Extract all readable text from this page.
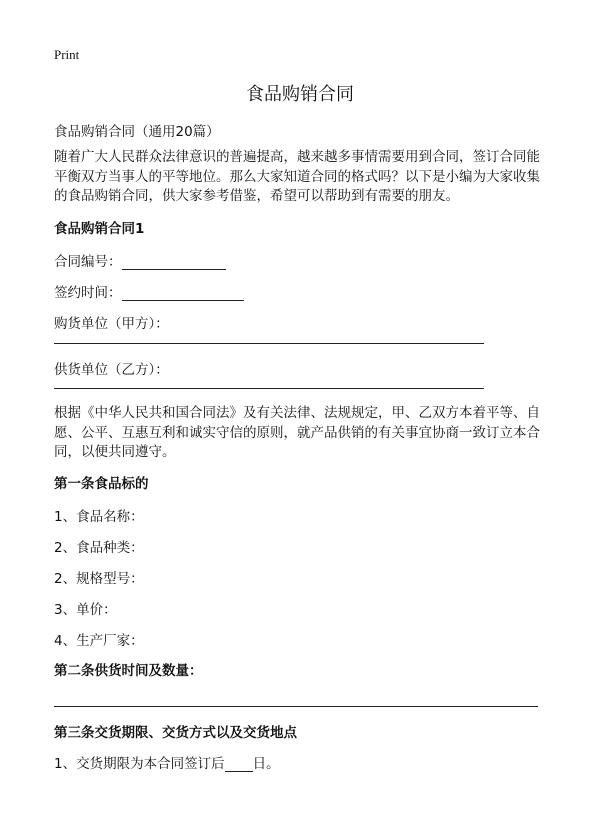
Print
食品购销合同
食品购销合同（通用20篇）
随着广大人民群众法律意识的普遍提高，越来越多事情需要用到合同，签订合同能平衡双方当事人的平等地位。那么大家知道合同的格式吗？以下是小编为大家收集的食品购销合同，供大家参考借鉴，希望可以帮助到有需要的朋友。
食品购销合同1
合同编号：
签约时间：
购货单位（甲方）：
供货单位（乙方）：
根据《中华人民共和国合同法》及有关法律、法规规定，甲、乙双方本着平等、自愿、公平、互惠互利和诚实守信的原则，就产品供销的有关事宜协商一致订立本合同，以便共同遵守。
第一条食品标的
1、食品名称：
2、食品种类：
2、规格型号：
3、单价：
4、生产厂家：
第二条供货时间及数量：
第三条交货期限、交货方式以及交货地点
1、交货期限为本合同签订后 日。
